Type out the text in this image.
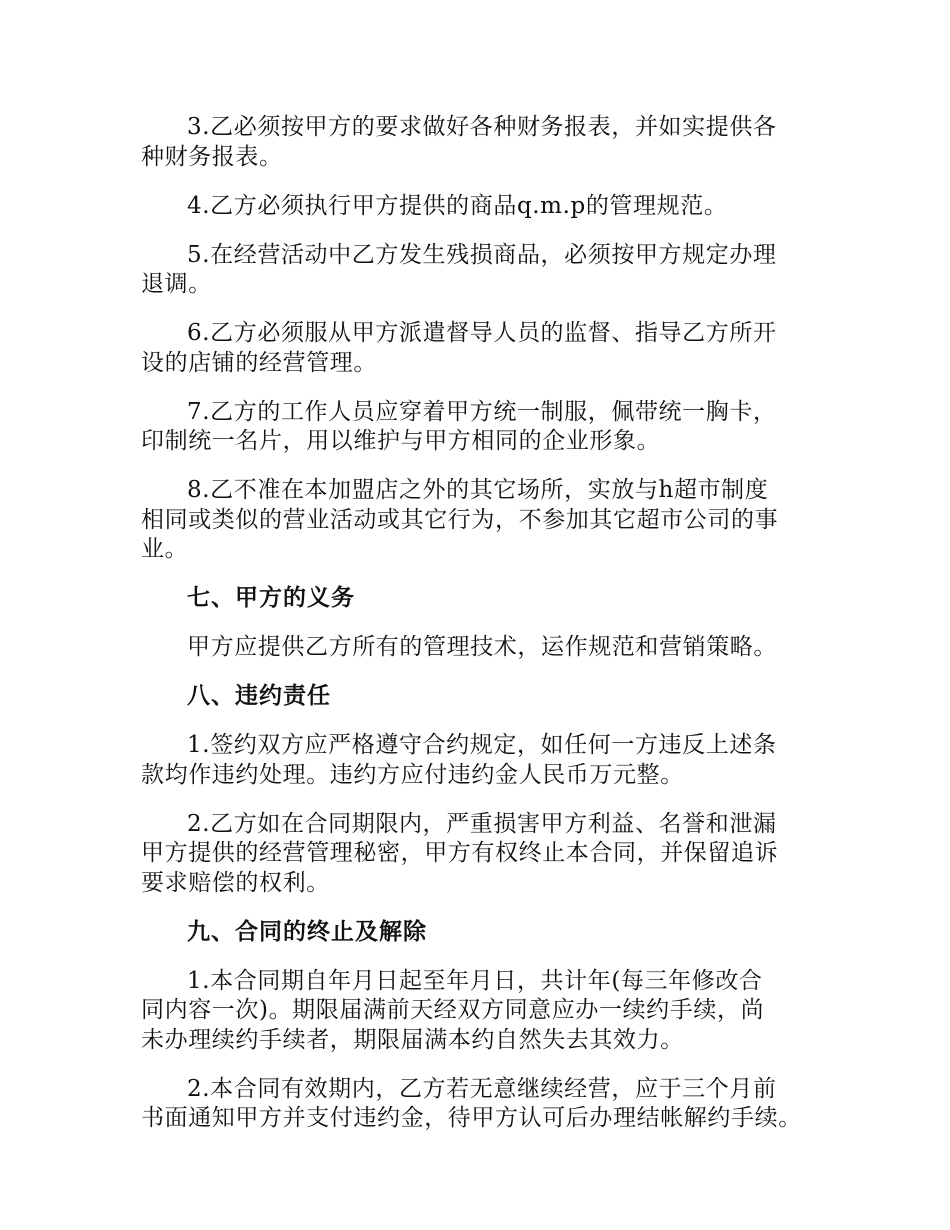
3.乙必须按甲方的要求做好各种财务报表，并如实提供各
种财务报表。

4.乙方必须执行甲方提供的商品q.m.p的管理规范。

5.在经营活动中乙方发生残损商品，必须按甲方规定办理
退调。

6.乙方必须服从甲方派遣督导人员的监督、指导乙方所开
设的店铺的经营管理。

7.乙方的工作人员应穿着甲方统一制服，佩带统一胸卡，
印制统一名片，用以维护与甲方相同的企业形象。

8.乙不准在本加盟店之外的其它场所，实放与h超市制度
相同或类似的营业活动或其它行为，不参加其它超市公司的事
业。

七、甲方的义务

甲方应提供乙方所有的管理技术，运作规范和营销策略。

八、违约责任

1.签约双方应严格遵守合约规定，如任何一方违反上述条
款均作违约处理。违约方应付违约金人民币万元整。

2.乙方如在合同期限内，严重损害甲方利益、名誉和泄漏
甲方提供的经营管理秘密，甲方有权终止本合同，并保留追诉
要求赔偿的权利。

九、合同的终止及解除

1.本合同期自年月日起至年月日，共计年(每三年修改合
同内容一次)。期限届满前天经双方同意应办一续约手续，尚
未办理续约手续者，期限届满本约自然失去其效力。

2.本合同有效期内，乙方若无意继续经营，应于三个月前
书面通知甲方并支付违约金，待甲方认可后办理结帐解约手续。
